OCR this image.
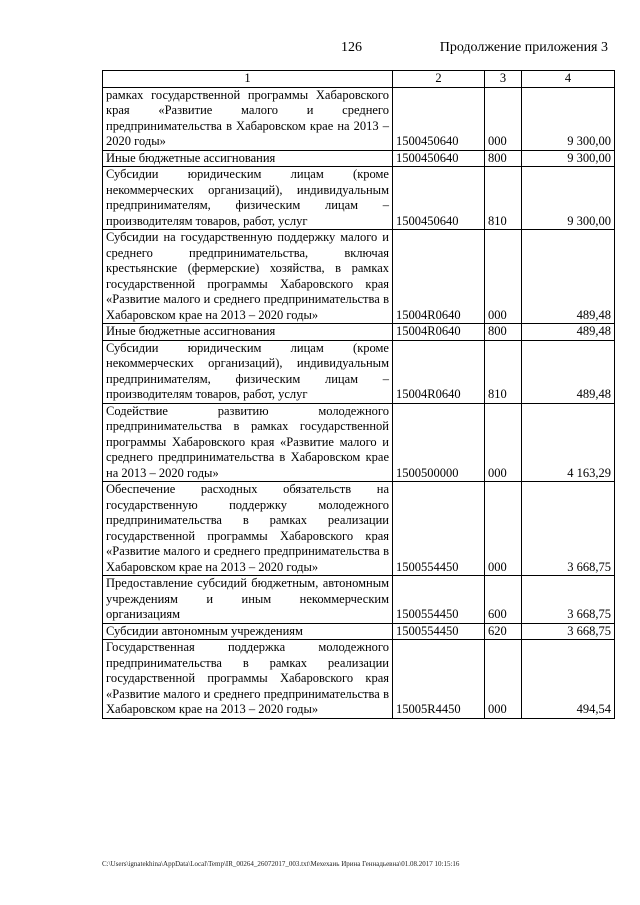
126	Продолжение приложения 3
1	2	3	4
рамках государственной программы Хабаровского края «Развитие малого и среднего предпринимательства в Хабаровском крае на 2013 – 2020 годы»	1500450640	000	9 300,00
Иные бюджетные ассигнования	1500450640	800	9 300,00
Субсидии юридическим лицам (кроме некоммерческих организаций), индивидуальным предпринимателям, физическим лицам – производителям товаров, работ, услуг	1500450640	810	9 300,00
Субсидии на государственную поддержку малого и среднего предпринимательства, включая крестьянские (фермерские) хозяйства, в рамках государственной программы Хабаровского края «Развитие малого и среднего предпринимательства в Хабаровском крае на 2013 – 2020 годы»	15004R0640	000	489,48
Иные бюджетные ассигнования	15004R0640	800	489,48
Субсидии юридическим лицам (кроме некоммерческих организаций), индивидуальным предпринимателям, физическим лицам – производителям товаров, работ, услуг	15004R0640	810	489,48
Содействие развитию молодежного предпринимательства в рамках государственной программы Хабаровского края «Развитие малого и среднего предпринимательства в Хабаровском крае на 2013 – 2020 годы»	1500500000	000	4 163,29
Обеспечение расходных обязательств на государственную поддержку молодежного предпринимательства в рамках реализации государственной программы Хабаровского края «Развитие малого и среднего предпринимательства в Хабаровском крае на 2013 – 2020 годы»	1500554450	000	3 668,75
Предоставление субсидий бюджетным, автономным учреждениям и иным некоммерческим организациям	1500554450	600	3 668,75
Субсидии автономным учреждениям	1500554450	620	3 668,75
Государственная поддержка молодежного предпринимательства в рамках реализации государственной программы Хабаровского края «Развитие малого и среднего предпринимательства в Хабаровском крае на 2013 – 2020 годы»	15005R4450	000	494,54
C:\Users\ignatekhina\AppData\Local\Temp\IR_00264_26072017_003.txt\Мехехаиь Ирина Геннадьевна\01.08.2017 10:15:16
